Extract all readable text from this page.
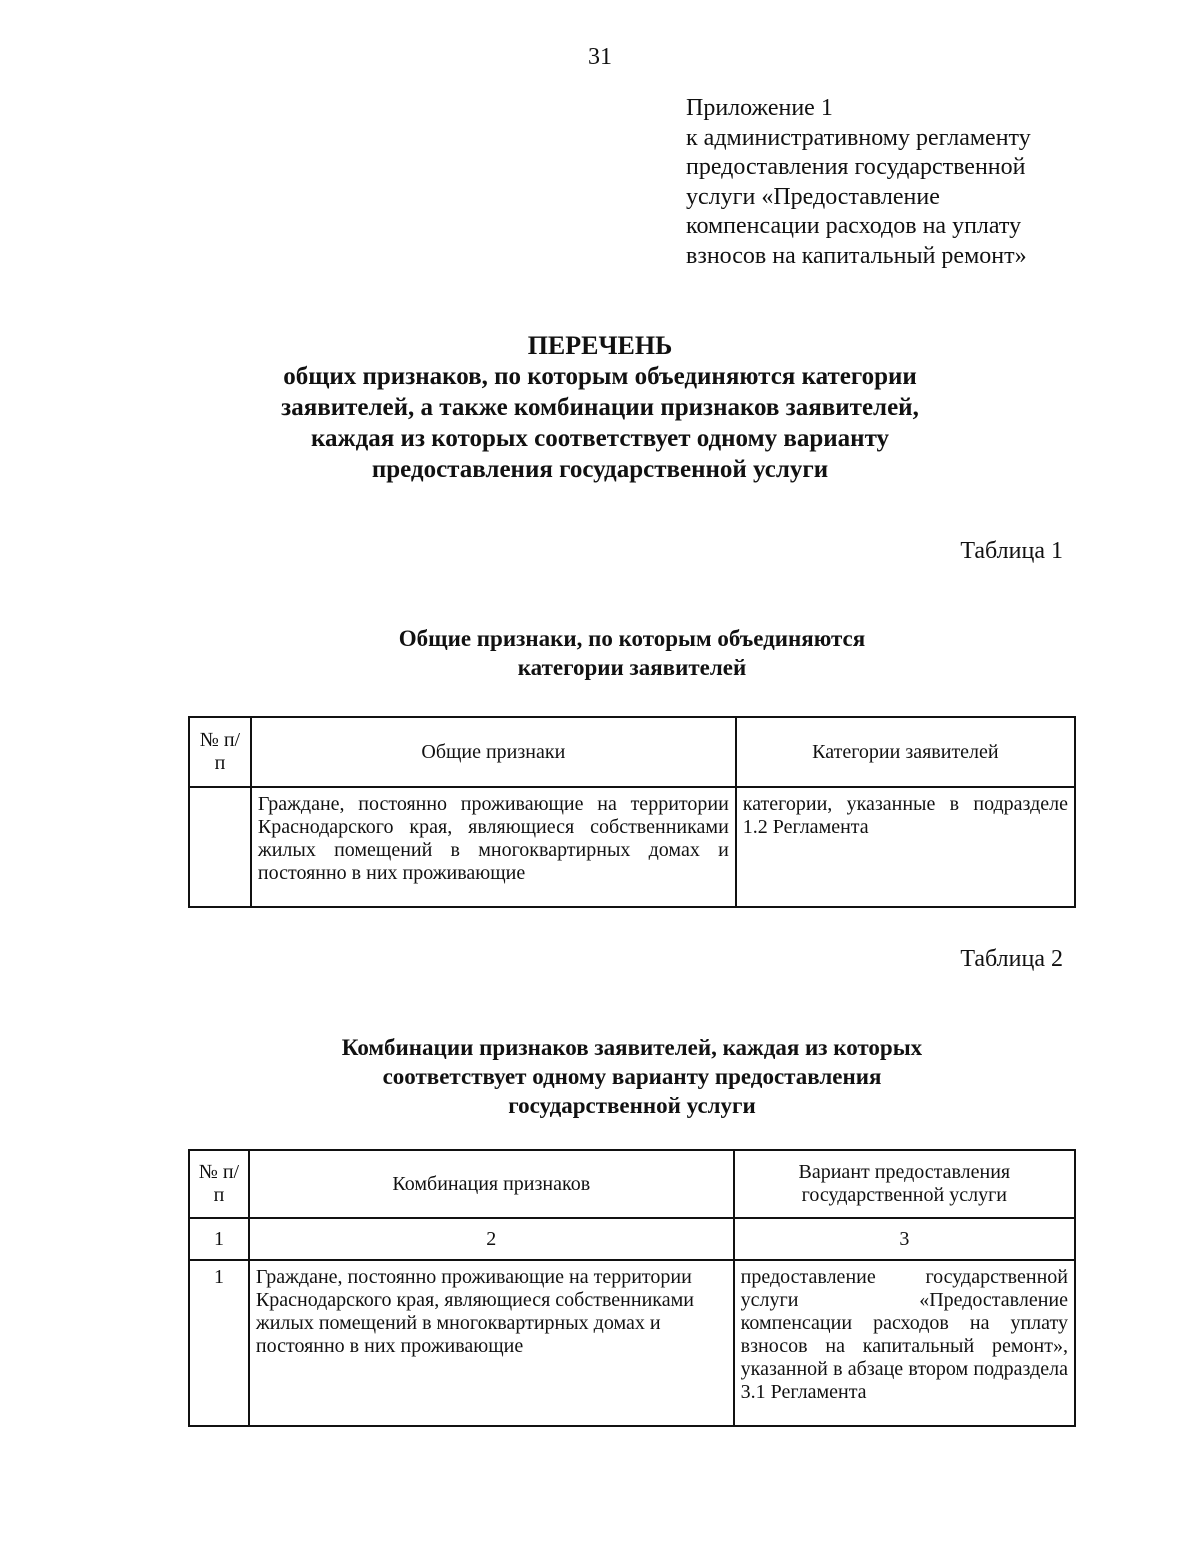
31
Приложение 1
к административному регламенту
предоставления государственной
услуги «Предоставление
компенсации расходов на уплату
взносов на капитальный ремонт»
ПЕРЕЧЕНЬ
общих признаков, по которым объединяются категории
заявителей, а также комбинации признаков заявителей,
каждая из которых соответствует одному варианту
предоставления государственной услуги
Таблица 1
Общие признаки, по которым объединяются
категории заявителей
№ п/п	Общие признаки	Категории заявителей
	Граждане, постоянно проживающие на территории Краснодарского края, являющиеся собственниками жилых помещений в многоквартирных домах и постоянно в них проживающие	категории, указанные в подразделе 1.2 Регламента
Таблица 2
Комбинации признаков заявителей, каждая из которых
соответствует одному варианту предоставления
государственной услуги
№ п/п	Комбинация признаков	Вариант предоставления государственной услуги
1	2	3
1	Граждане, постоянно проживающие на территории Краснодарского края, являющиеся собственниками жилых помещений в многоквартирных домах и постоянно в них проживающие	предоставление государственной услуги «Предоставление компенсации расходов на уплату взносов на капитальный ремонт», указанной в абзаце втором подраздела 3.1 Регламента
